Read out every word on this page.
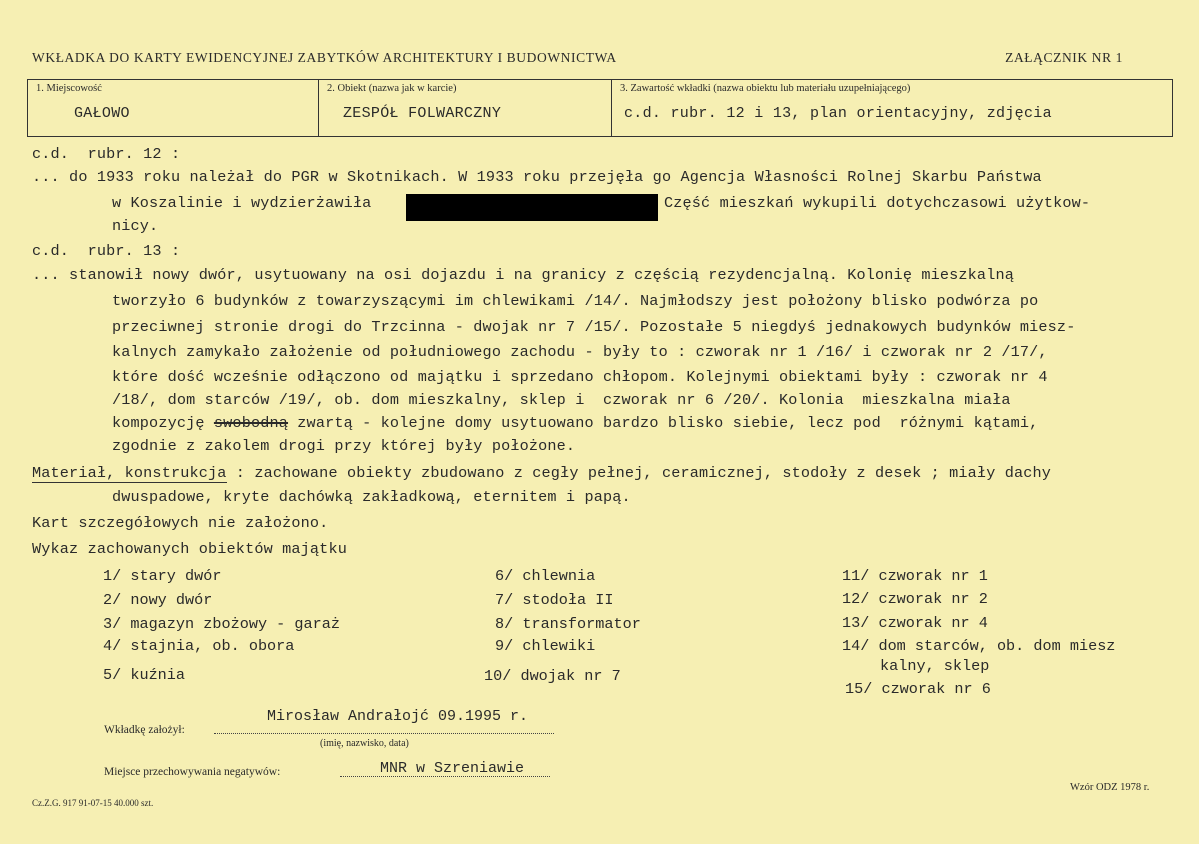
WKŁADKA DO KARTY EWIDENCYJNEJ ZABYTKÓW ARCHITEKTURY I BUDOWNICTWA	ZAŁĄCZNIK NR 1
1. Miejscowość
GAŁOWO
2. Obiekt (nazwa jak w karcie)
ZESPÓŁ FOLWARCZNY
3. Zawartość wkładki (nazwa obiektu lub materiału uzupełniającego)
c.d. rubr. 12 i 13, plan orientacyjny, zdjęcia
c.d.  rubr. 12 :
... do 1933 roku należał do PGR w Skotnikach. W 1933 roku przejęła go Agencja Własności Rolnej Skarbu Państwa
w Koszalinie i wydzierżawiła	Część mieszkań wykupili dotychczasowi użytkow-
nicy.
c.d.  rubr. 13 :
... stanowił nowy dwór, usytuowany na osi dojazdu i na granicy z częścią rezydencjalną. Kolonię mieszkalną
tworzyło 6 budynków z towarzyszącymi im chlewikami /14/. Najmłodszy jest położony blisko podwórza po
przeciwnej stronie drogi do Trzcinna - dwojak nr 7 /15/. Pozostałe 5 niegdyś jednakowych budynków miesz-
kalnych zamykało założenie od południowego zachodu - były to : czworak nr 1 /16/ i czworak nr 2 /17/,
które dość wcześnie odłączono od majątku i sprzedano chłopom. Kolejnymi obiektami były : czworak nr 4
/18/, dom starców /19/, ob. dom mieszkalny, sklep i  czworak nr 6 /20/. Kolonia  mieszkalna miała
kompozycję swobodną zwartą - kolejne domy usytuowano bardzo blisko siebie, lecz pod  różnymi kątami,
zgodnie z zakolem drogi przy której były położone.
Materiał, konstrukcja : zachowane obiekty zbudowano z cegły pełnej, ceramicznej, stodoły z desek ; miały dachy
dwuspadowe, kryte dachówką zakładkową, eternitem i papą.
Kart szczegółowych nie założono.
Wykaz zachowanych obiektów majątku
1/ stary dwór
2/ nowy dwór
3/ magazyn zbożowy - garaż
4/ stajnia, ob. obora
5/ kuźnia
6/ chlewnia
7/ stodoła II
8/ transformator
9/ chlewiki
10/ dwojak nr 7
11/ czworak nr 1
12/ czworak nr 2
13/ czworak nr 4
14/ dom starców, ob. dom miesz
kalny, sklep
15/ czworak nr 6
Mirosław Andrałojć 09.1995 r.
Wkładkę założył:
(imię, nazwisko, data)
MNR w Szreniawie
Miejsce przechowywania negatywów:
Wzór ODZ 1978 r.
Cz.Z.G. 917 91-07-15 40.000 szt.
